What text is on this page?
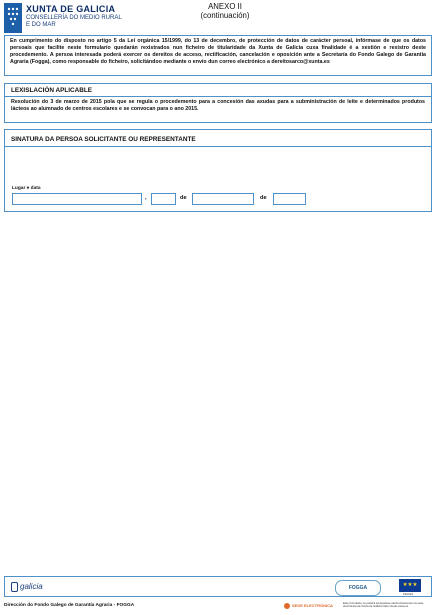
XUNTA DE GALICIA
CONSELLERÍA DO MEDIO RURAL
E DO MAR
ANEXO II
(continuación)
En cumprimento do disposto no artigo 5 da Lei orgánica 15/1999, do 13 de decembro, de protección de datos de carácter persoal, infórmase de que os datos persoais que facilite neste formulario quedarán rexistrados nun ficheiro de titularidade da Xunta de Galicia cuxa finalidade é a xestión e rexistro deste procedemento. A persoa interesada poderá exercer os dereitos de acceso, rectificación, cancelación e oposición ante a Secretaría do Fondo Galego de Garantía Agraria (Fogga), como responsable do ficheiro, solicitándoo mediante o envío dun correo electrónico a dereitosarco@xunta.es
LEXISLACIÓN APLICABLE
Resolución do 3 de marzo de 2015 pola que se regula o procedemento para a concesión das axudas para a subministración de leite e determinados produtos lácteos ao alumnado de centros escolares e se convocan para o ano 2015.
SINATURA DA PERSOA SOLICITANTE OU REPRESENTANTE
Lugar e data
,	de	de
galicia	FOGGA	★★★
FEAGA
Dirección do Fondo Galego de Garantía Agraria - FOGGA	SEDE ELECTRÓNICA	Este formulario só poderá presentarse electronicamente na sede electrónica da Xunta de Galicia https://sede.xunta.es
